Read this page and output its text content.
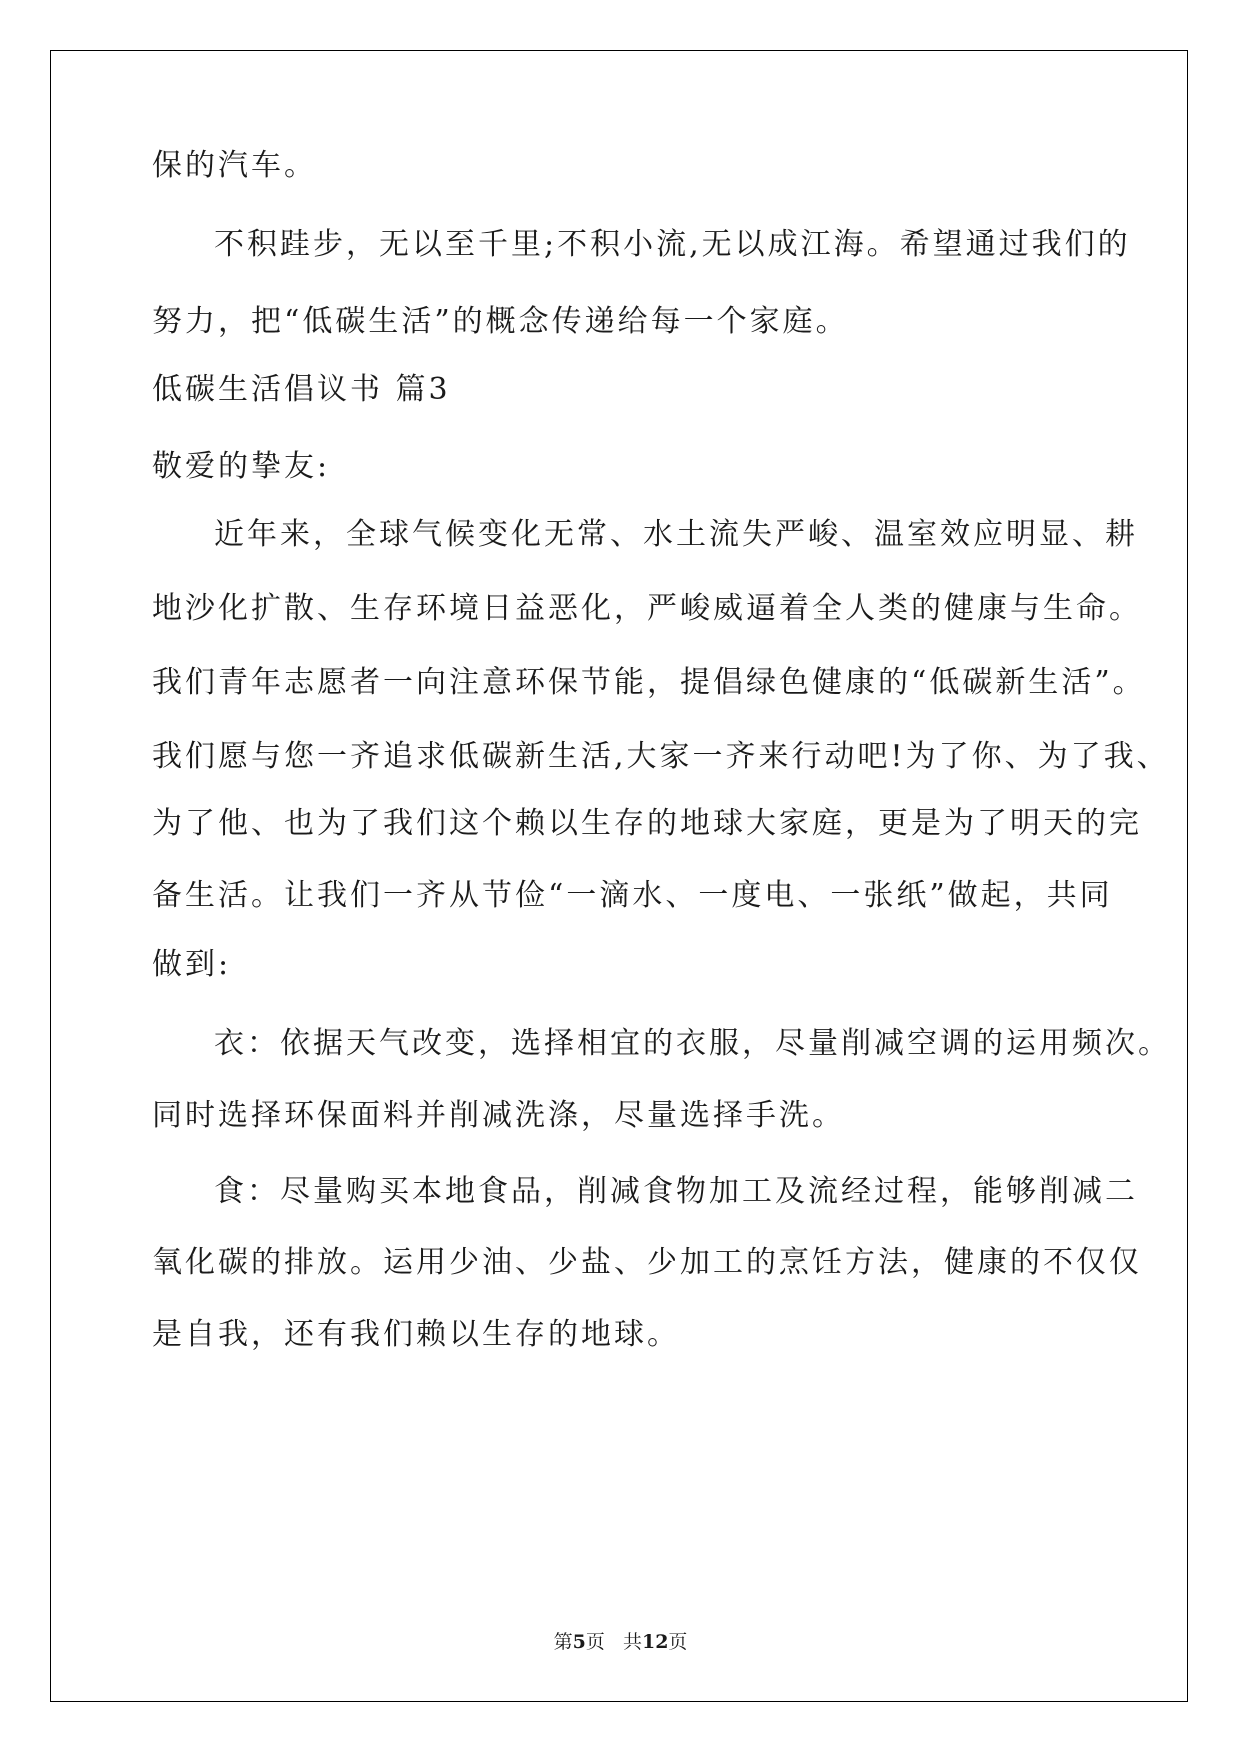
保的汽车。
不积跬步，无以至千里;不积小流,无以成江海。希望通过我们的
努力，把“低碳生活”的概念传递给每一个家庭。
低碳生活倡议书 篇3
敬爱的挚友:
近年来，全球气候变化无常、水土流失严峻、温室效应明显、耕
地沙化扩散、生存环境日益恶化，严峻威逼着全人类的健康与生命。
我们青年志愿者一向注意环保节能，提倡绿色健康的“低碳新生活”。
我们愿与您一齐追求低碳新生活,大家一齐来行动吧!为了你、为了我、
为了他、也为了我们这个赖以生存的地球大家庭，更是为了明天的完
备生活。让我们一齐从节俭“一滴水、一度电、一张纸”做起，共同
做到:
衣：依据天气改变，选择相宜的衣服，尽量削减空调的运用频次。
同时选择环保面料并削减洗涤，尽量选择手洗。
食：尽量购买本地食品，削减食物加工及流经过程，能够削减二
氧化碳的排放。运用少油、少盐、少加工的烹饪方法，健康的不仅仅
是自我，还有我们赖以生存的地球。
第5页 共12页
